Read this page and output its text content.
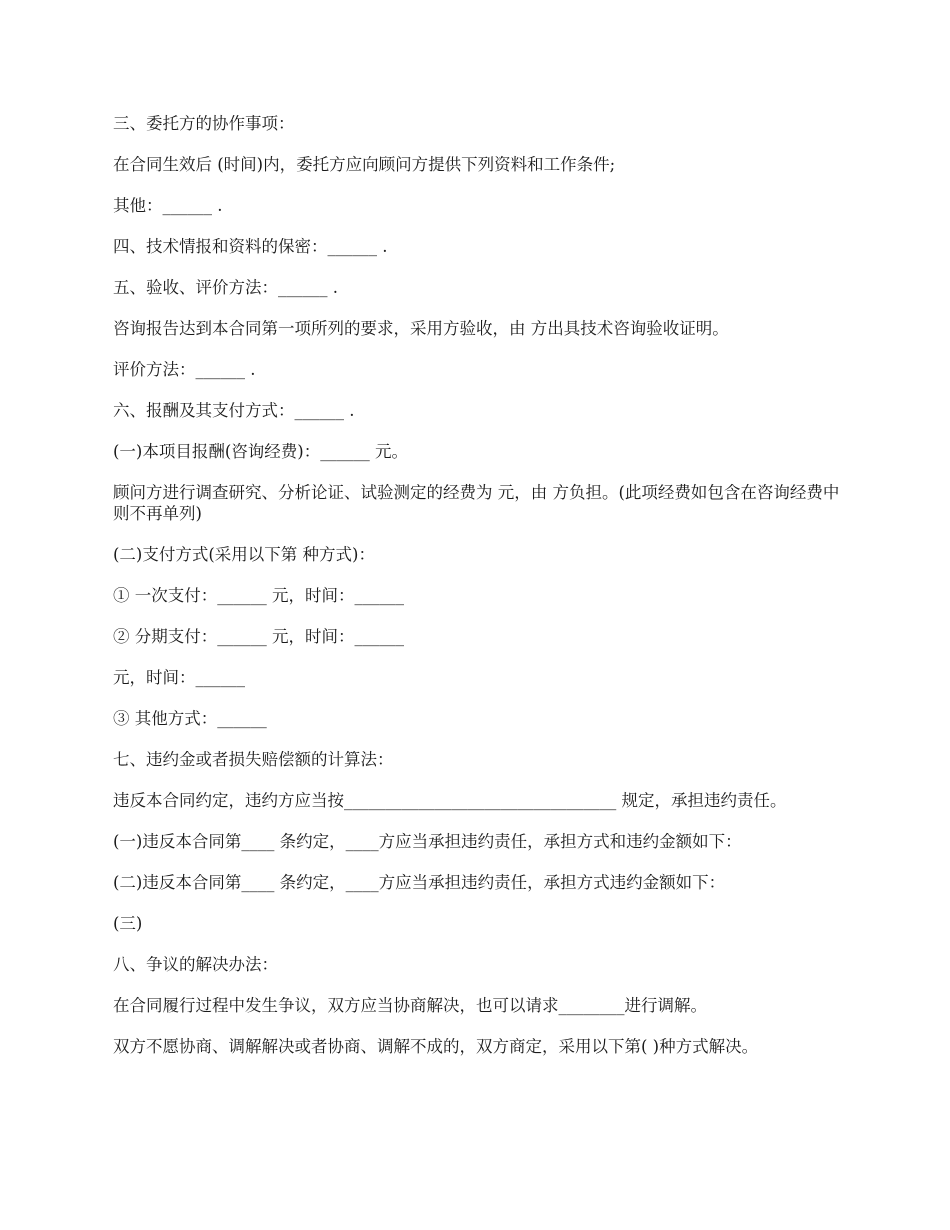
三、委托方的协作事项：

在合同生效后 (时间)内，委托方应向顾问方提供下列资料和工作条件;

其他：______ .

四、技术情报和资料的保密：______ .

五、验收、评价方法：______ .

咨询报告达到本合同第一项所列的要求，采用方验收，由 方出具技术咨询验收证明。

评价方法：______ .

六、报酬及其支付方式：______ .

(一)本项目报酬(咨询经费)：______ 元。

顾问方进行调查研究、分析论证、试验测定的经费为 元，由 方负担。(此项经费如包含在咨询经费中则不再单列)

(二)支付方式(采用以下第 种方式)：

① 一次支付：______ 元，时间：______

② 分期支付：______ 元，时间：______

元，时间：______

③ 其他方式：______

七、违约金或者损失赔偿额的计算法：

违反本合同约定，违约方应当按_________________________________ 规定，承担违约责任。

(一)违反本合同第____ 条约定，____方应当承担违约责任，承担方式和违约金额如下：

(二)违反本合同第____ 条约定，____方应当承担违约责任，承担方式违约金额如下：

(三)

八、争议的解决办法：

在合同履行过程中发生争议，双方应当协商解决，也可以请求________进行调解。

双方不愿协商、调解解决或者协商、调解不成的，双方商定，采用以下第( )种方式解决。
